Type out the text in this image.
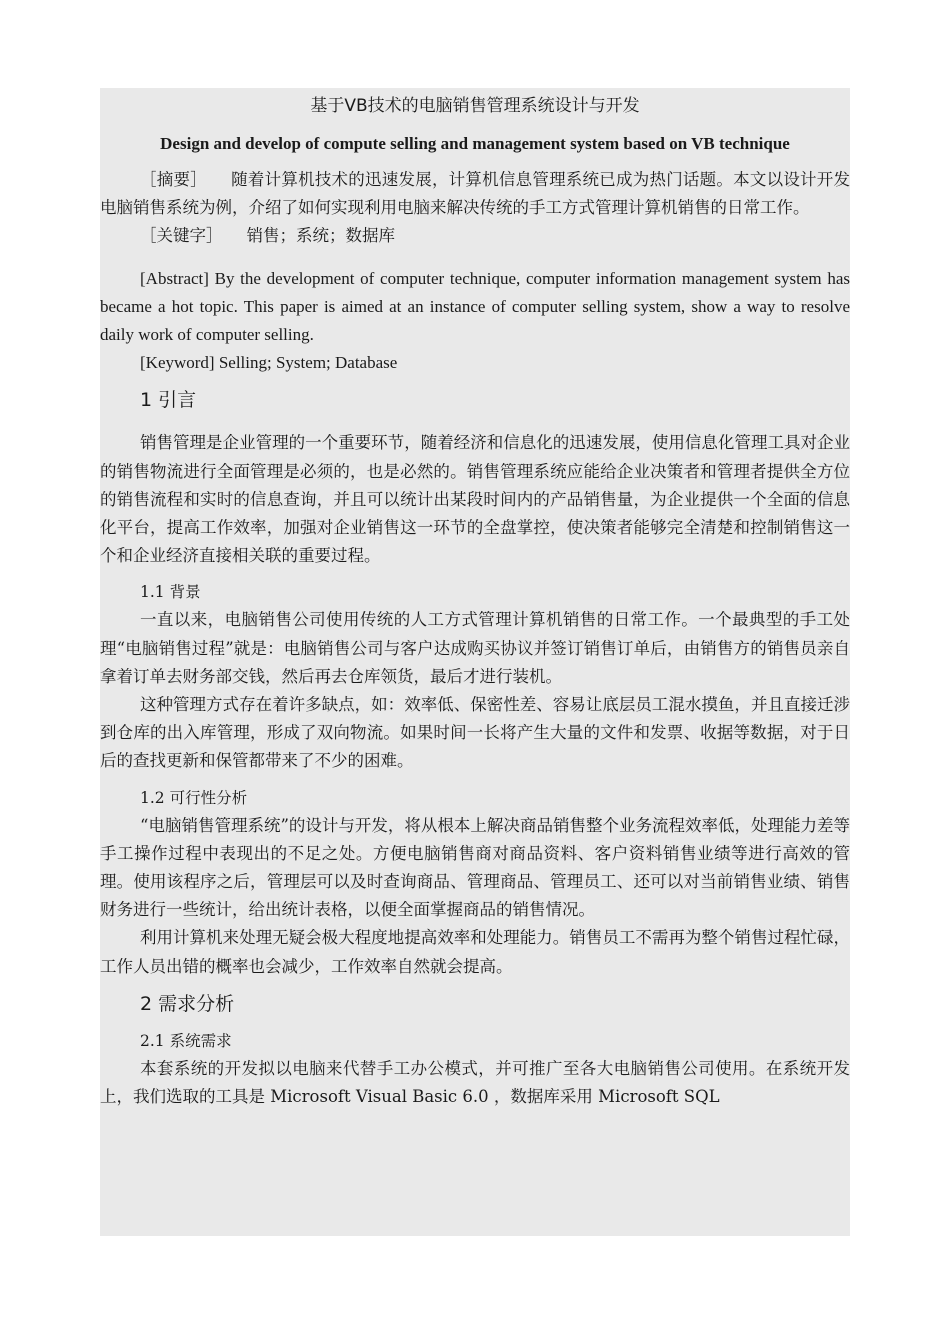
基于VB技术的电脑销售管理系统设计与开发
Design and develop of compute selling and management system based on VB technique

［摘要］ 随着计算机技术的迅速发展，计算机信息管理系统已成为热门话题。本文以设计开发电脑销售系统为例，介绍了如何实现利用电脑来解决传统的手工方式管理计算机销售的日常工作。

［关键字］ 销售；系统；数据库

[Abstract] By the development of computer technique, computer information management system has became a hot topic. This paper is aimed at an instance of computer selling system, show a way to resolve daily work of computer selling.

[Keyword] Selling; System; Database

1 引言

销售管理是企业管理的一个重要环节，随着经济和信息化的迅速发展，使用信息化管理工具对企业的销售物流进行全面管理是必须的，也是必然的。销售管理系统应能给企业决策者和管理者提供全方位的销售流程和实时的信息查询，并且可以统计出某段时间内的产品销售量，为企业提供一个全面的信息化平台，提高工作效率，加强对企业销售这一环节的全盘掌控，使决策者能够完全清楚和控制销售这一个和企业经济直接相关联的重要过程。

1.1 背景

一直以来，电脑销售公司使用传统的人工方式管理计算机销售的日常工作。一个最典型的手工处理“电脑销售过程”就是：电脑销售公司与客户达成购买协议并签订销售订单后，由销售方的销售员亲自拿着订单去财务部交钱，然后再去仓库领货，最后才进行装机。

这种管理方式存在着许多缺点，如：效率低、保密性差、容易让底层员工混水摸鱼，并且直接迁涉到仓库的出入库管理，形成了双向物流。如果时间一长将产生大量的文件和发票、收据等数据，对于日后的查找更新和保管都带来了不少的困难。

1.2 可行性分析

“电脑销售管理系统”的设计与开发，将从根本上解决商品销售整个业务流程效率低，处理能力差等手工操作过程中表现出的不足之处。方便电脑销售商对商品资料、客户资料销售业绩等进行高效的管理。使用该程序之后，管理层可以及时查询商品、管理商品、管理员工、还可以对当前销售业绩、销售财务进行一些统计，给出统计表格，以便全面掌握商品的销售情况。

利用计算机来处理无疑会极大程度地提高效率和处理能力。销售员工不需再为整个销售过程忙碌，工作人员出错的概率也会减少，工作效率自然就会提高。

2 需求分析
2.1 系统需求

本套系统的开发拟以电脑来代替手工办公模式，并可推广至各大电脑销售公司使用。在系统开发上，我们选取的工具是 Microsoft Visual Basic 6.0 ，数据库采用 Microsoft SQL
